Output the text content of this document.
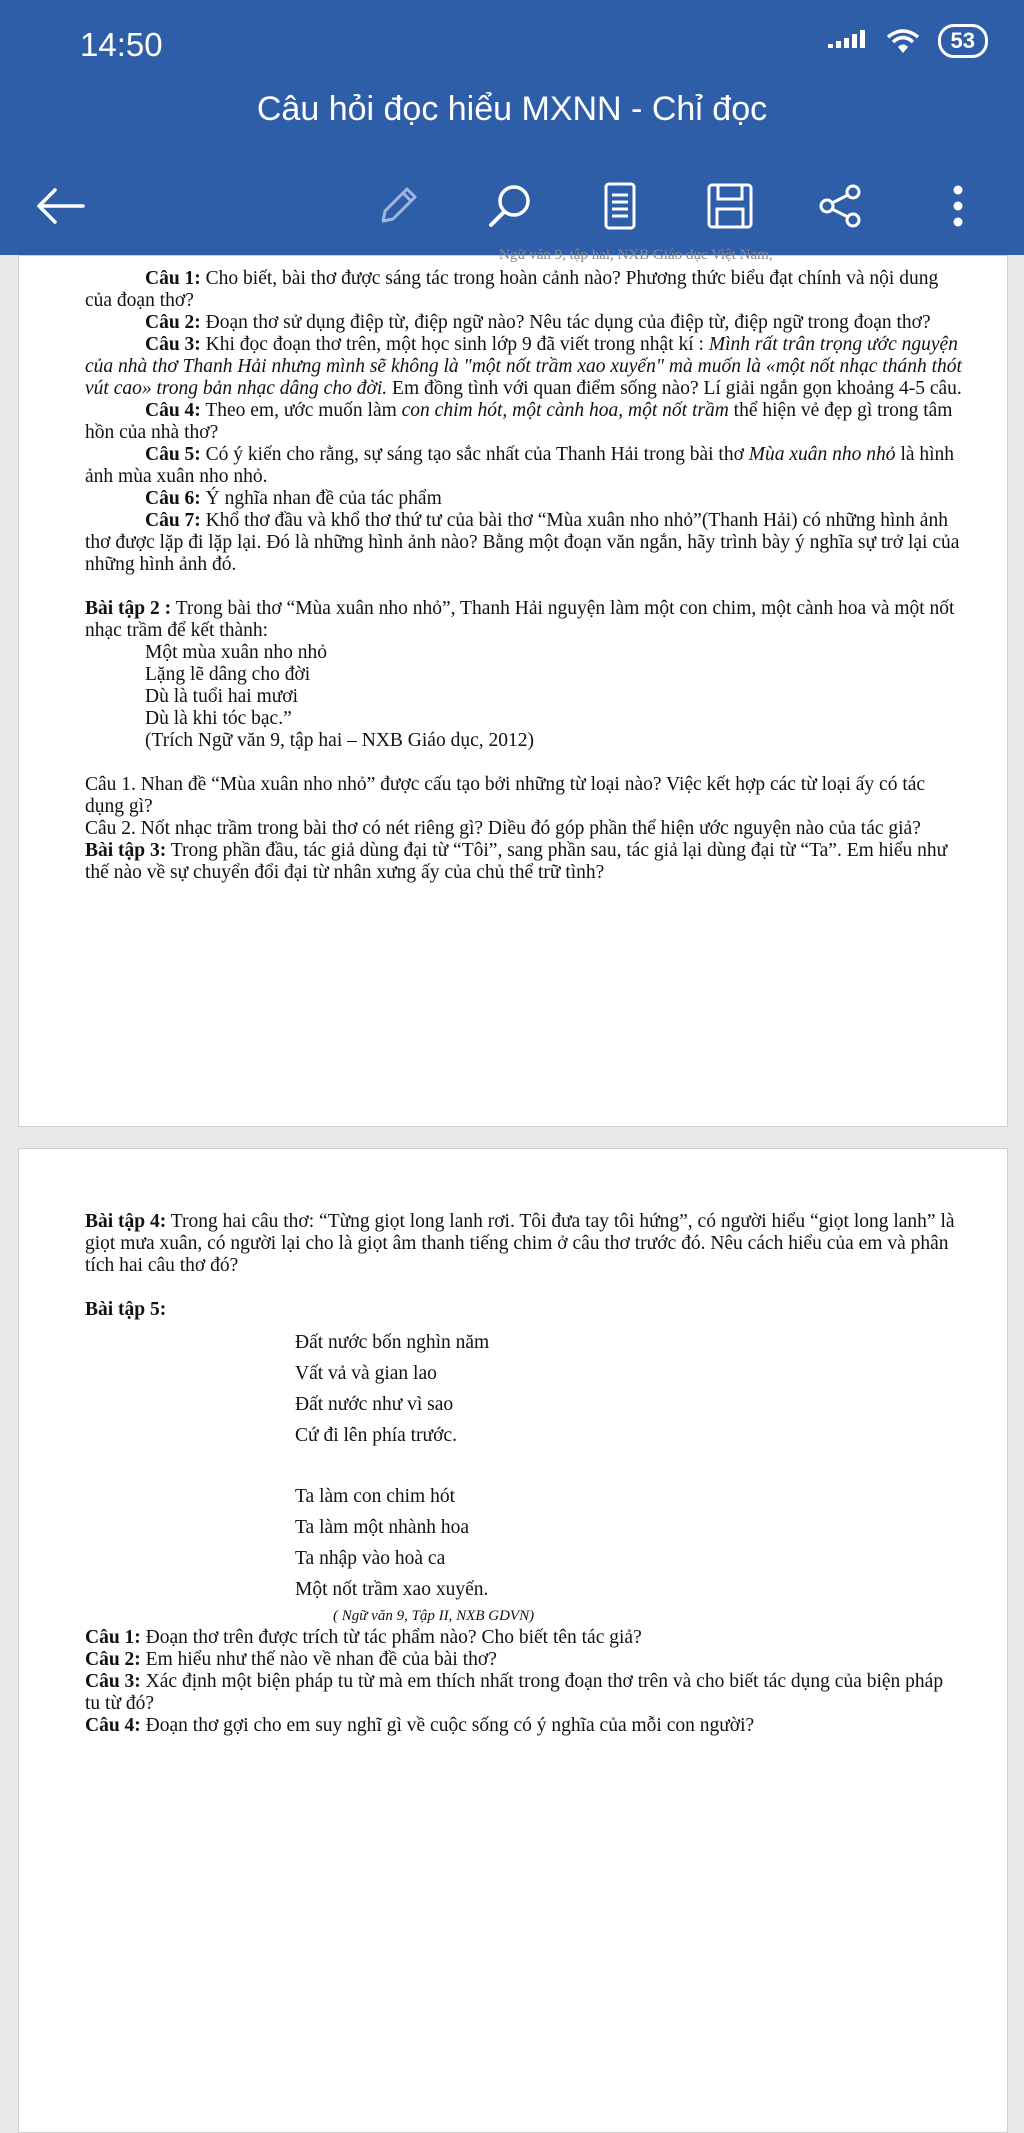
14:50	53
Câu hỏi đọc hiểu MXNN - Chỉ đọc
Ngữ văn 9, tập hai, NXB Giáo dục Việt Nam,

Câu 1: Cho biết, bài thơ được sáng tác trong hoàn cảnh nào? Phương thức biểu đạt chính và nội dung của đoạn thơ?

Câu 2: Đoạn thơ sử dụng điệp từ, điệp ngữ nào? Nêu tác dụng của điệp từ, điệp ngữ trong đoạn thơ?

Câu 3: Khi đọc đoạn thơ trên, một học sinh lớp 9 đã viết trong nhật kí : Mình rất trân trọng ước nguyện của nhà thơ Thanh Hải nhưng mình sẽ không là "một nốt trầm xao xuyến" mà muốn là «một nốt nhạc thánh thót vút cao» trong bản nhạc dâng cho đời. Em đồng tình với quan điểm sống nào? Lí giải ngắn gọn khoảng 4-5 câu.

Câu 4: Theo em, ước muốn làm con chim hót, một cành hoa, một nốt trầm thể hiện vẻ đẹp gì trong tâm hồn của nhà thơ?

Câu 5: Có ý kiến cho rằng, sự sáng tạo sắc nhất của Thanh Hải trong bài thơ Mùa xuân nho nhỏ là hình ảnh mùa xuân nho nhỏ.

Câu 6: Ý nghĩa nhan đề của tác phẩm

Câu 7: Khổ thơ đầu và khổ thơ thứ tư của bài thơ “Mùa xuân nho nhỏ”(Thanh Hải) có những hình ảnh thơ được lặp đi lặp lại. Đó là những hình ảnh nào? Bằng một đoạn văn ngắn, hãy trình bày ý nghĩa sự trở lại của những hình ảnh đó.

Bài tập 2 : Trong bài thơ “Mùa xuân nho nhỏ”, Thanh Hải nguyện làm một con chim, một cành hoa và một nốt nhạc trầm để kết thành:

Một mùa xuân nho nhỏ

Lặng lẽ dâng cho đời

Dù là tuổi hai mươi

Dù là khi tóc bạc.”

(Trích Ngữ văn 9, tập hai – NXB Giáo dục, 2012)

Câu 1. Nhan đề “Mùa xuân nho nhỏ” được cấu tạo bởi những từ loại nào? Việc kết hợp các từ loại ấy có tác dụng gì?

Câu 2. Nốt nhạc trầm trong bài thơ có nét riêng gì? Diều đó góp phần thể hiện ước nguyện nào của tác giả?

Bài tập 3: Trong phần đầu, tác giả dùng đại từ “Tôi”, sang phần sau, tác giả lại dùng đại từ “Ta”. Em hiểu như thế nào về sự chuyển đổi đại từ nhân xưng ấy của chủ thể trữ tình?

Bài tập 4: Trong hai câu thơ: “Từng giọt long lanh rơi. Tôi đưa tay tôi hứng”, có người hiểu “giọt long lanh” là giọt mưa xuân, có người lại cho là giọt âm thanh tiếng chim ở câu thơ trước đó. Nêu cách hiểu của em và phân tích hai câu thơ đó?

Bài tập 5:

Đất nước bốn nghìn năm

Vất vả và gian lao

Đất nước như vì sao

Cứ đi lên phía trước.

Ta làm con chim hót

Ta làm một nhành hoa

Ta nhập vào hoà ca

Một nốt trầm xao xuyến.

( Ngữ văn 9, Tập II, NXB GDVN)

Câu 1: Đoạn thơ trên được trích từ tác phẩm nào? Cho biết tên tác giả?

Câu 2: Em hiểu như thế nào về nhan đề của bài thơ?

Câu 3: Xác định một biện pháp tu từ mà em thích nhất trong đoạn thơ trên và cho biết tác dụng của biện pháp tu từ đó?

Câu 4: Đoạn thơ gợi cho em suy nghĩ gì về cuộc sống có ý nghĩa của mỗi con người?
